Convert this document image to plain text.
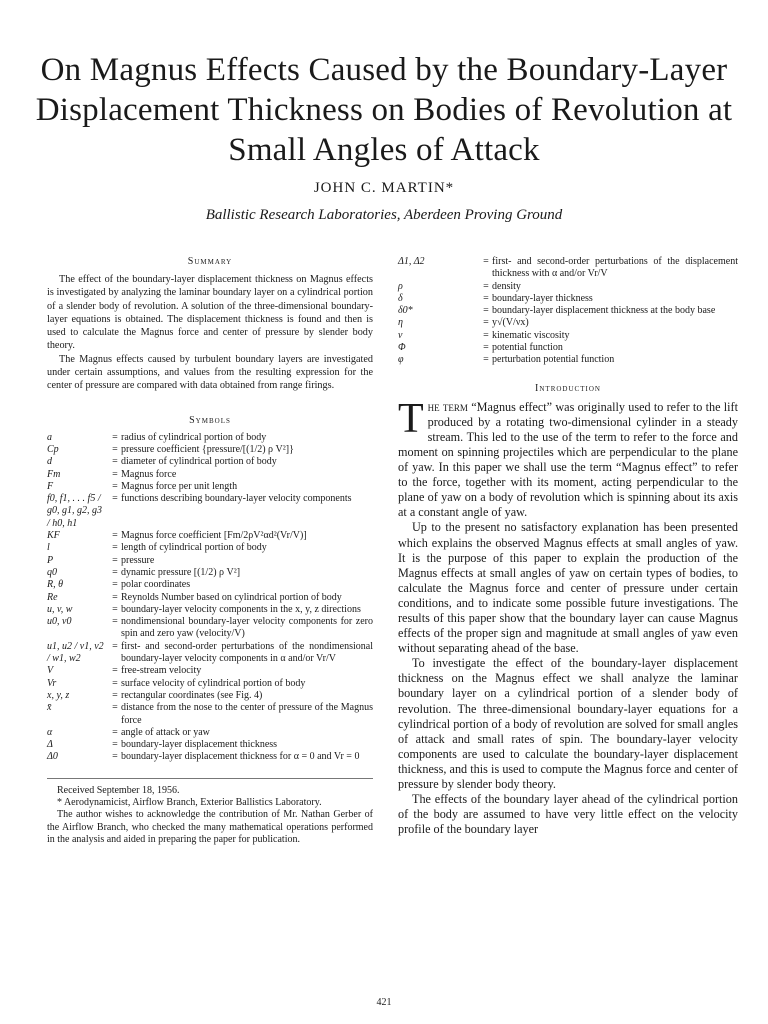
On Magnus Effects Caused by the Boundary-Layer Displacement Thickness on Bodies of Revolution at Small Angles of Attack
JOHN C. MARTIN*
Ballistic Research Laboratories, Aberdeen Proving Ground
Summary

The effect of the boundary-layer displacement thickness on Magnus effects is investigated by analyzing the laminar boundary layer on a cylindrical portion of a slender body of revolution. A solution of the three-dimensional boundary-layer equations is obtained. The displacement thickness is found and then is used to calculate the Magnus force and center of pressure by slender body theory.

The Magnus effects caused by turbulent boundary layers are investigated under certain assumptions, and values from the resulting expression for the center of pressure are compared with data obtained from range firings.

Symbols
a	=	radius of cylindrical portion of body
Cp	=	pressure coefficient {pressure/[(1/2) ρ V²]}
d	=	diameter of cylindrical portion of body
Fm	=	Magnus force
F	=	Magnus force per unit length
f0, f1, . . . f5 / g0, g1, g2, g3 / h0, h1	=	functions describing boundary-layer velocity components
KF	=	Magnus force coefficient [Fm/2ρV²αd²(Vr/V)]
l	=	length of cylindrical portion of body
P	=	pressure
q0	=	dynamic pressure [(1/2) ρ V²]
R, θ	=	polar coordinates
Re	=	Reynolds Number based on cylindrical portion of body
u, v, w	=	boundary-layer velocity components in the x, y, z directions
u0, v0	=	nondimensional boundary-layer velocity components for zero spin and zero yaw (velocity/V)
u1, u2 / v1, v2 / w1, w2	=	first- and second-order perturbations of the nondimensional boundary-layer velocity components in α and/or Vr/V
V	=	free-stream velocity
Vr	=	surface velocity of cylindrical portion of body
x, y, z	=	rectangular coordinates (see Fig. 4)
x̄	=	distance from the nose to the center of pressure of the Magnus force
α	=	angle of attack or yaw
Δ	=	boundary-layer displacement thickness
Δ0	=	boundary-layer displacement thickness for α = 0 and Vr = 0

Received September 18, 1956.

* Aerodynamicist, Airflow Branch, Exterior Ballistics Laboratory.

The author wishes to acknowledge the contribution of Mr. Nathan Gerber of the Airflow Branch, who checked the many mathematical operations performed in the analysis and aided in preparing the paper for publication.

Δ1, Δ2	=	first- and second-order perturbations of the displacement thickness with α and/or Vr/V
ρ	=	density
δ	=	boundary-layer thickness
δ0*	=	boundary-layer displacement thickness at the body base
η	=	y√(V/νx)
ν	=	kinematic viscosity
Φ	=	potential function
φ	=	perturbation potential function
Introduction

The term “Magnus effect” was originally used to refer to the lift produced by a rotating two-dimensional cylinder in a steady stream. This led to the use of the term to refer to the force and moment on spinning projectiles which are perpendicular to the plane of yaw. In this paper we shall use the term “Magnus effect” to refer to the force, together with its moment, acting perpendicular to the plane of yaw on a body of revolution which is spinning about its axis at a constant angle of yaw.

Up to the present no satisfactory explanation has been presented which explains the observed Magnus effects at small angles of yaw. It is the purpose of this paper to explain the production of the Magnus effects at small angles of yaw on certain types of bodies, to calculate the Magnus force and center of pressure under certain conditions, and to indicate some possible future investigations. The results of this paper show that the boundary layer can cause Magnus effects of the proper sign and magnitude at small angles of yaw even without separating ahead of the base.

To investigate the effect of the boundary-layer displacement thickness on the Magnus effect we shall analyze the laminar boundary layer on a cylindrical portion of a slender body of revolution. The three-dimensional boundary-layer equations for a cylindrical portion of a body of revolution are solved for small angles of attack and small rates of spin. The boundary-layer velocity components are used to calculate the boundary-layer displacement thickness, and this is used to compute the Magnus force and center of pressure by slender body theory.

The effects of the boundary layer ahead of the cylindrical portion of the body are assumed to have very little effect on the velocity profile of the boundary layer

421
